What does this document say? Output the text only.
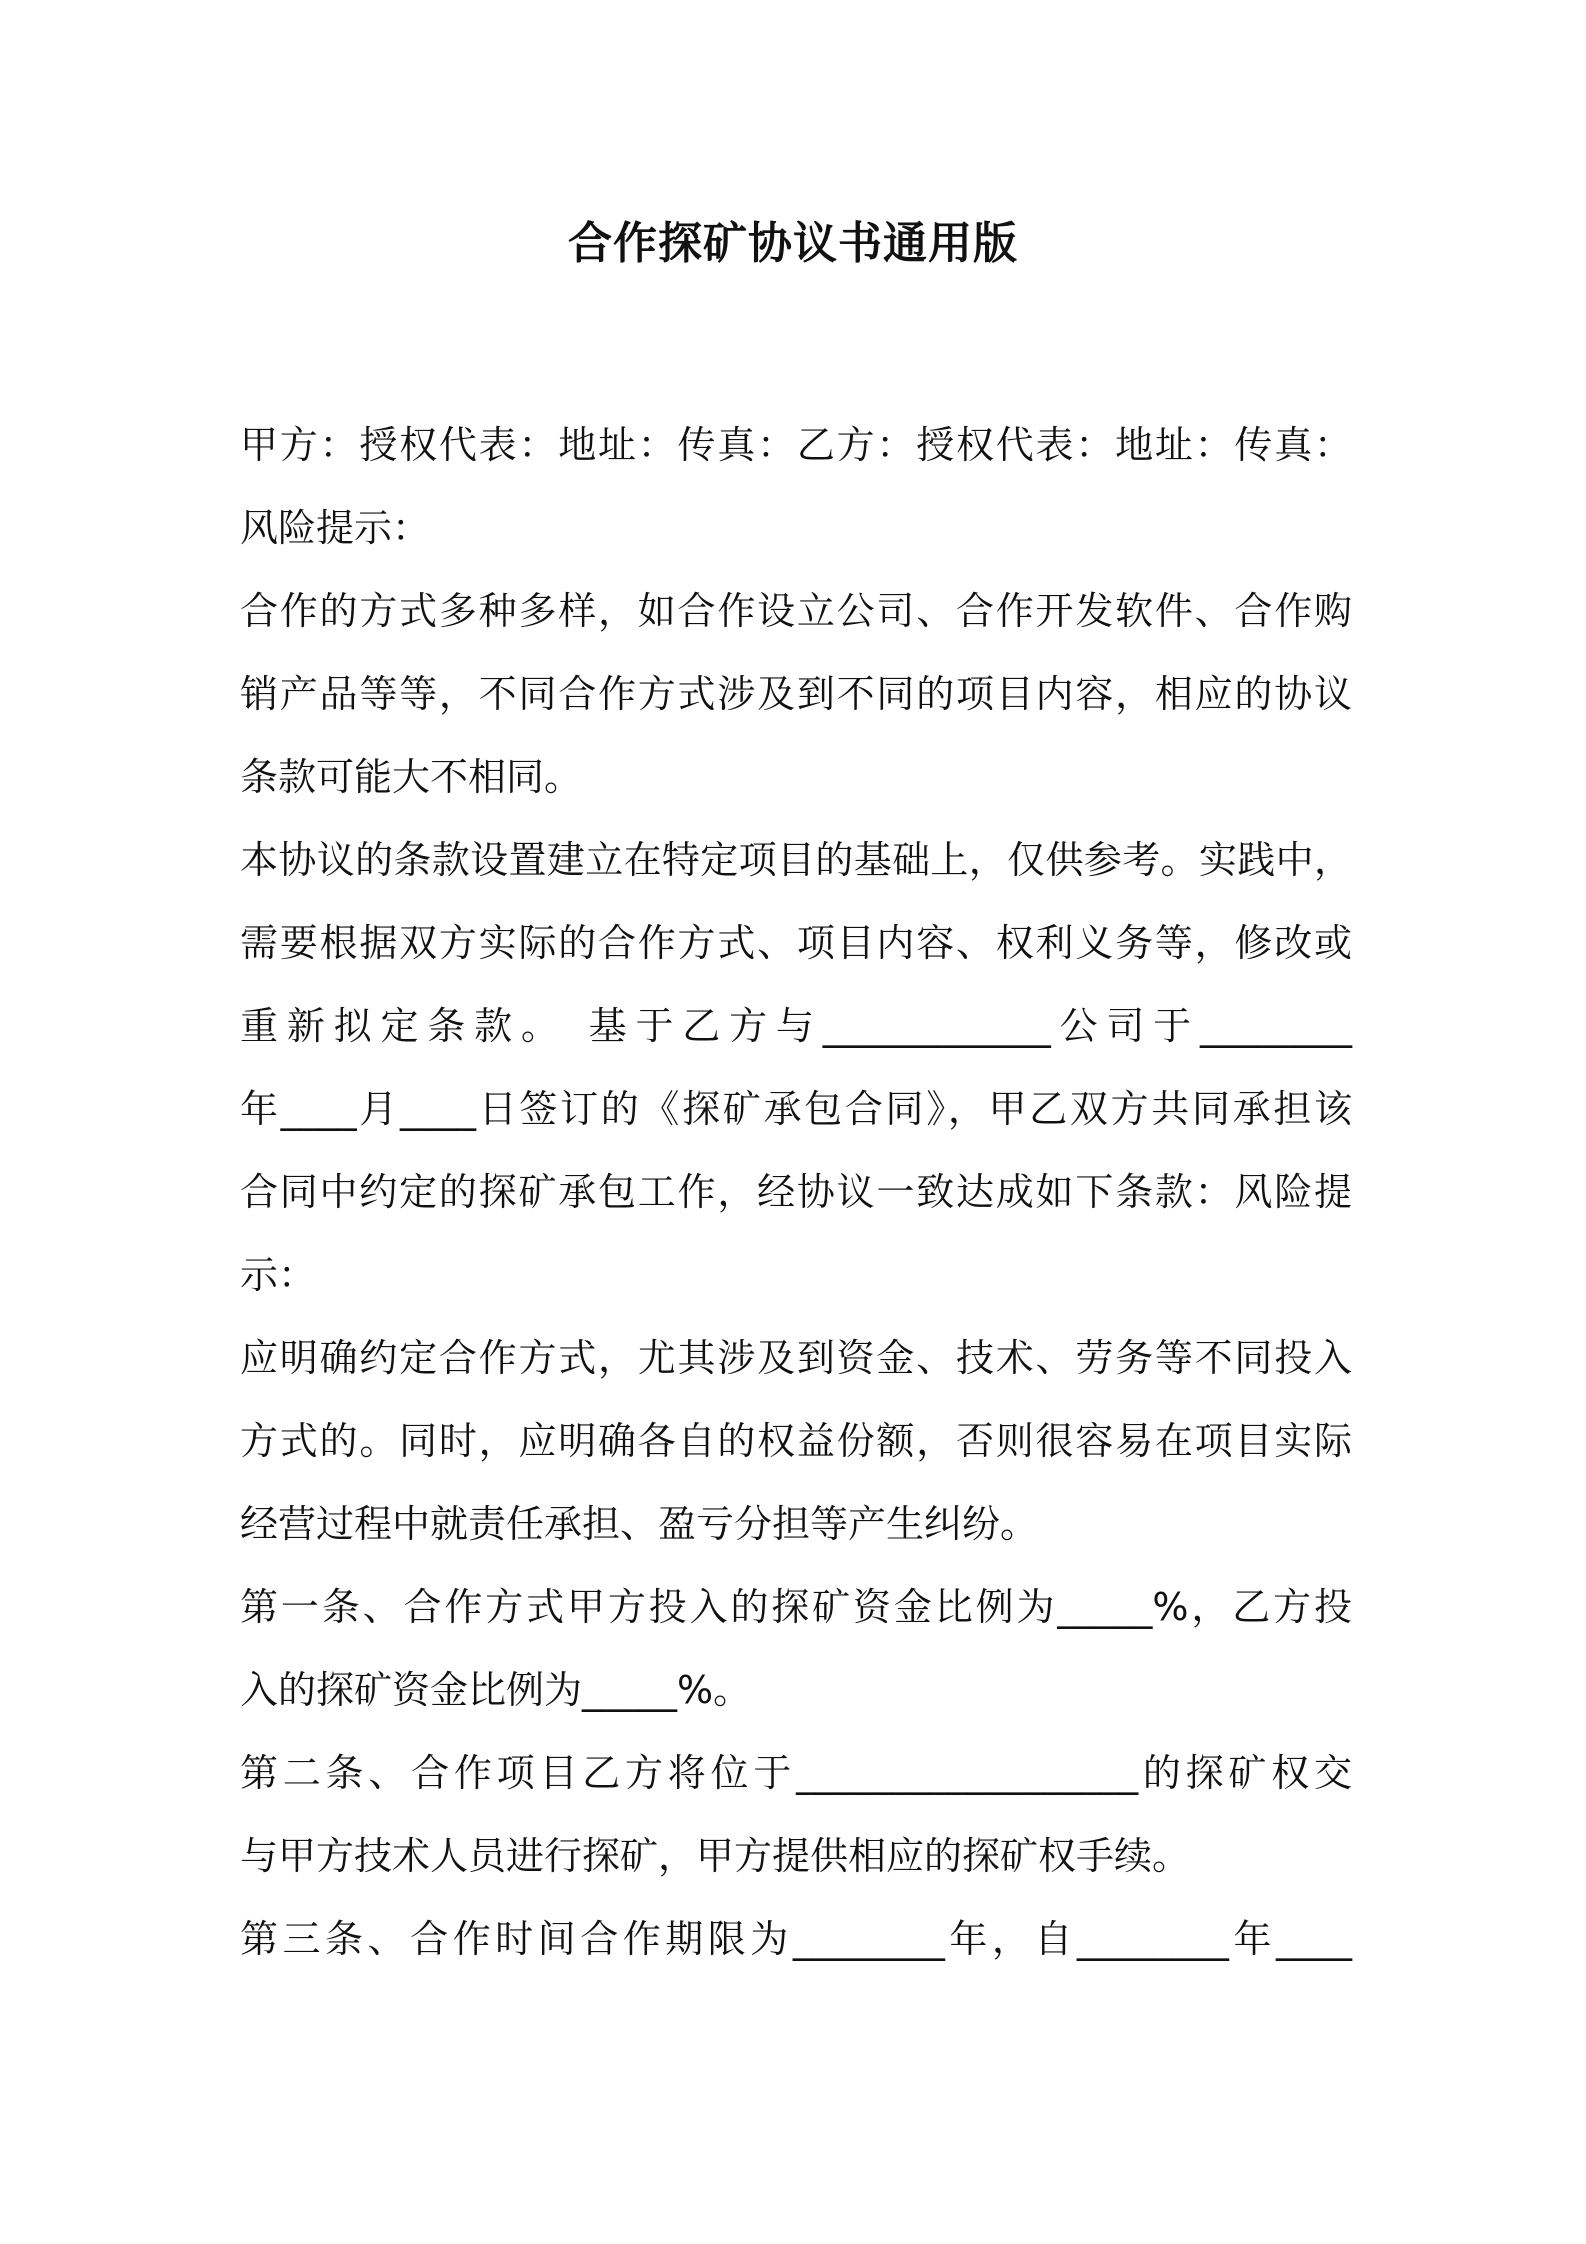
合作探矿协议书通用版
甲方：授权代表：地址：传真：乙方：授权代表：地址：传真：
风险提示：
合作的方式多种多样，如合作设立公司、合作开发软件、合作购
销产品等等，不同合作方式涉及到不同的项目内容，相应的协议
条款可能大不相同。
本协议的条款设置建立在特定项目的基础上，仅供参考。实践中，
需要根据双方实际的合作方式、项目内容、权利义务等，修改或
重新拟定条款。 基于乙方与____________公司于________
年____月____日签订的《探矿承包合同》，甲乙双方共同承担该
合同中约定的探矿承包工作，经协议一致达成如下条款：风险提
示：
应明确约定合作方式，尤其涉及到资金、技术、劳务等不同投入
方式的。同时，应明确各自的权益份额，否则很容易在项目实际
经营过程中就责任承担、盈亏分担等产生纠纷。
第一条、合作方式甲方投入的探矿资金比例为_____%，乙方投
入的探矿资金比例为_____%。
第二条、合作项目乙方将位于__________________的探矿权交
与甲方技术人员进行探矿，甲方提供相应的探矿权手续。
第三条、合作时间合作期限为________年，自________年____
